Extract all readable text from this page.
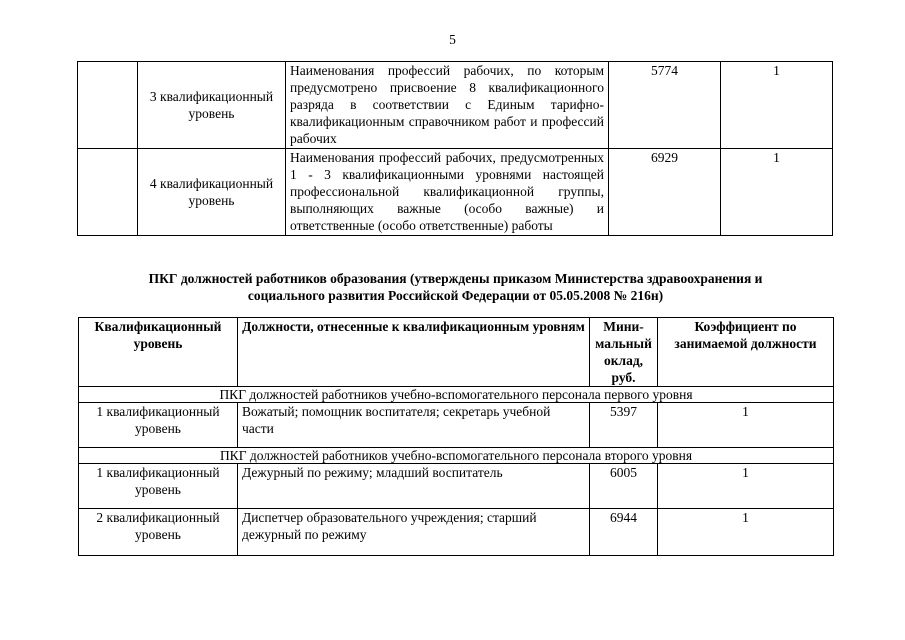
5
	3 квалификационный уровень	Наименования профессий рабочих, по которым предусмотрено присвоение 8 квалификационного разряда в соответствии с Единым тарифно-квалификационным справочником работ и профессий рабочих	5774	1
	4 квалификационный уровень	Наименования профессий рабочих, предусмотренных 1 - 3 квалификационными уровнями настоящей профессиональной квалификационной группы, выполняющих важные (особо важные) и ответственные (особо ответственные) работы	6929	1
ПКГ должностей работников образования (утверждены приказом Министерства здравоохранения и
социального развития Российской Федерации от 05.05.2008 № 216н)
Квалификационный уровень	Должности, отнесенные к квалификационным уровням	Мини-мальный оклад, руб.	Коэффициент по занимаемой должности
ПКГ должностей работников учебно-вспомогательного персонала первого уровня			
1 квалификационный уровень	Вожатый; помощник воспитателя; секретарь учебной части	5397	1
ПКГ должностей работников учебно-вспомогательного персонала второго уровня			
1 квалификационный уровень	Дежурный по режиму; младший воспитатель	6005	1
2 квалификационный уровень	Диспетчер образовательного учреждения; старший дежурный по режиму	6944	1
